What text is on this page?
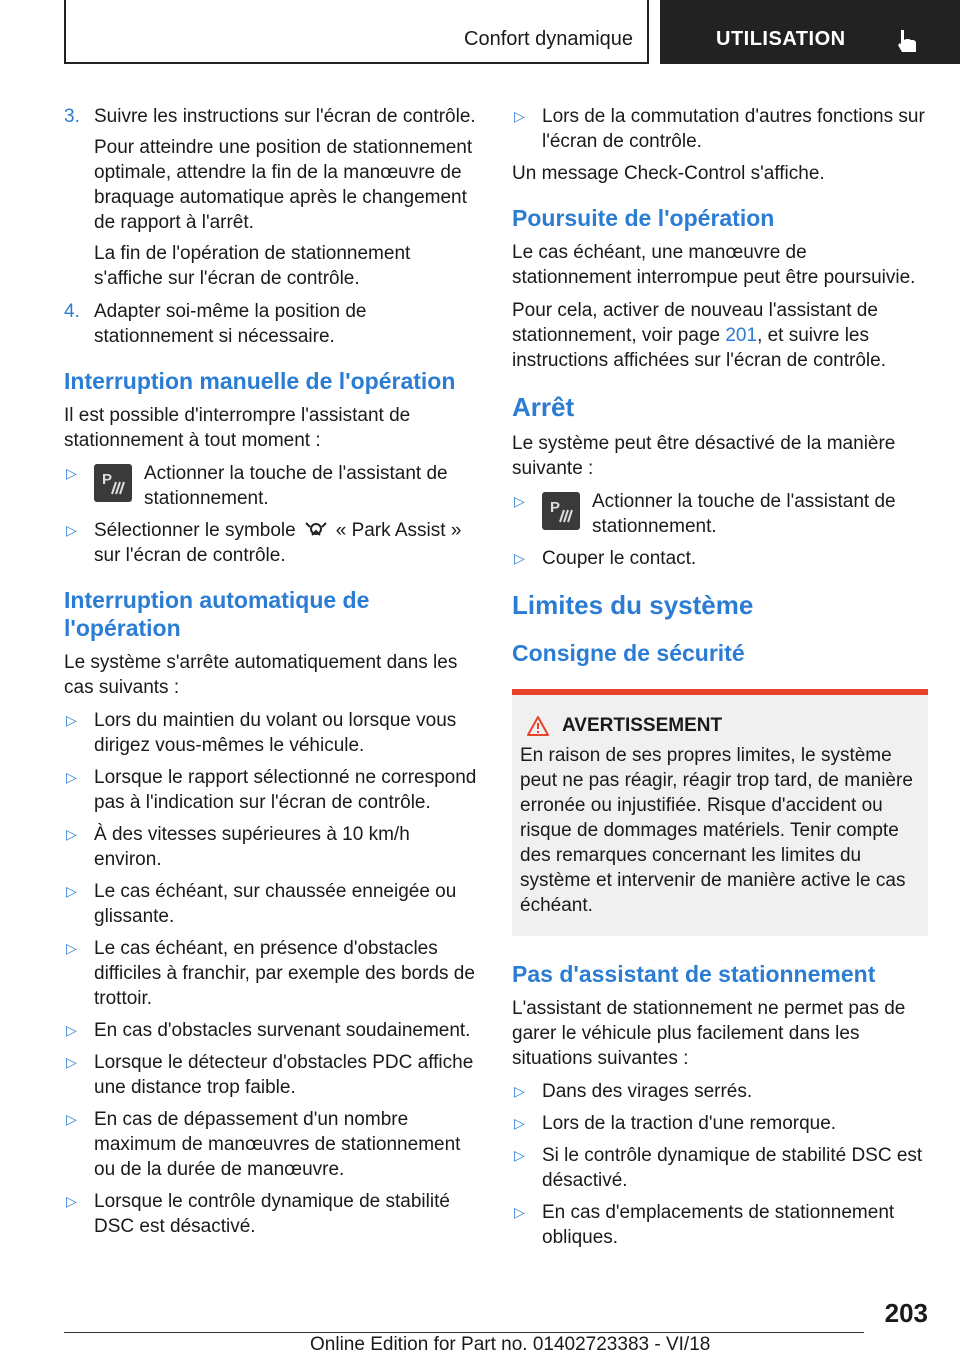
Confort dynamique	UTILISATION
3. Suivre les instructions sur l'écran de contrôle.
Pour atteindre une position de stationnement optimale, attendre la fin de la manœuvre de braquage automatique après le changement de rapport à l'arrêt.
La fin de l'opération de stationnement s'affiche sur l'écran de contrôle.
4. Adapter soi-même la position de stationnement si nécessaire.
Interruption manuelle de l'opération
Il est possible d'interrompre l'assistant de stationnement à tout moment :
▷ P Actionner la touche de l'assistant de stationnement.
▷ Sélectionner le symbole « Park Assist » sur l'écran de contrôle.
Interruption automatique de l'opération
Le système s'arrête automatiquement dans les cas suivants :
▷ Lors du maintien du volant ou lorsque vous dirigez vous-mêmes le véhicule.
▷ Lorsque le rapport sélectionné ne correspond pas à l'indication sur l'écran de contrôle.
▷ À des vitesses supérieures à 10 km/h environ.
▷ Le cas échéant, sur chaussée enneigée ou glissante.
▷ Le cas échéant, en présence d'obstacles difficiles à franchir, par exemple des bords de trottoir.
▷ En cas d'obstacles survenant soudainement.
▷ Lorsque le détecteur d'obstacles PDC affiche une distance trop faible.
▷ En cas de dépassement d'un nombre maximum de manœuvres de stationnement ou de la durée de manœuvre.
▷ Lorsque le contrôle dynamique de stabilité DSC est désactivé.
▷ Lors de la commutation d'autres fonctions sur l'écran de contrôle.
Un message Check-Control s'affiche.
Poursuite de l'opération
Le cas échéant, une manœuvre de stationnement interrompue peut être poursuivie.
Pour cela, activer de nouveau l'assistant de stationnement, voir page 201, et suivre les instructions affichées sur l'écran de contrôle.
Arrêt
Le système peut être désactivé de la manière suivante :
▷ P Actionner la touche de l'assistant de stationnement.
▷ Couper le contact.
Limites du système
Consigne de sécurité
AVERTISSEMENT
En raison de ses propres limites, le système peut ne pas réagir, réagir trop tard, de manière erronée ou injustifiée. Risque d'accident ou risque de dommages matériels. Tenir compte des remarques concernant les limites du système et intervenir de manière active le cas échéant.
Pas d'assistant de stationnement
L'assistant de stationnement ne permet pas de garer le véhicule plus facilement dans les situations suivantes :
▷ Dans des virages serrés.
▷ Lors de la traction d'une remorque.
▷ Si le contrôle dynamique de stabilité DSC est désactivé.
▷ En cas d'emplacements de stationnement obliques.
203
Online Edition for Part no. 01402723383 - VI/18
